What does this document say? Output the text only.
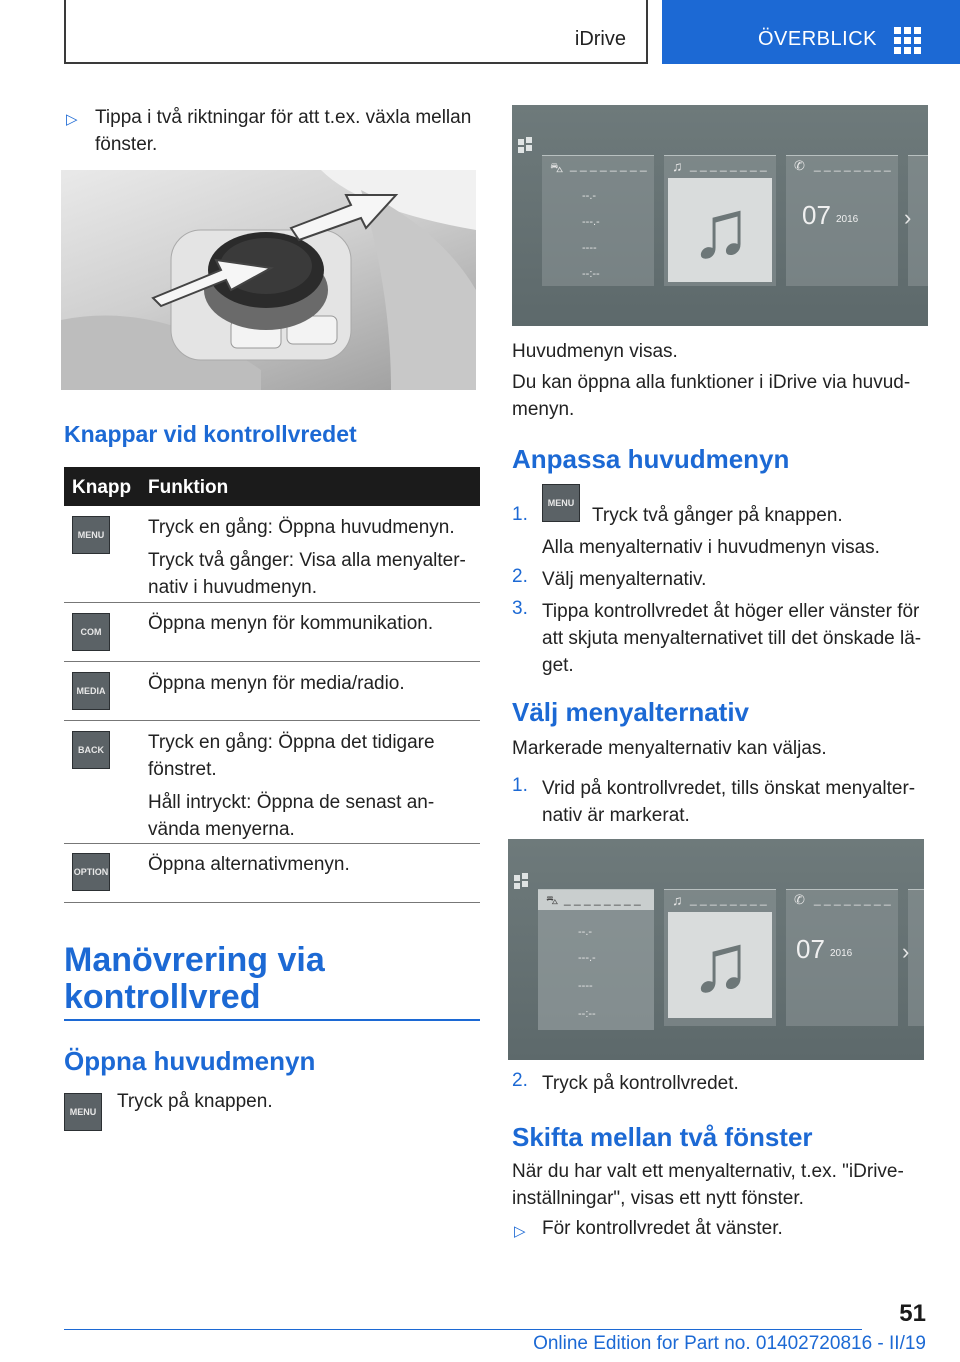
iDrive	ÖVERBLICK
▷ Tippa i två riktningar för att t.ex. växla mellan
fönster.
Knappar vid kontrollvredet
Knapp Funktion
MENU	Tryck en gång: Öppna huvudmenyn.
Tryck två gånger: Visa alla menyalter-
nativ i huvudmenyn.
COM	Öppna menyn för kommunikation.
MEDIA Öppna menyn för media/radio.
BACK	Tryck en gång: Öppna det tidigare
fönstret.
Håll intryckt: Öppna de senast an-
vända menyerna.
OPTION Öppna alternativmenyn.
Manövrering via
kontrollvred
Öppna huvudmenyn
MENU	Tryck på knappen.
⛍ _ _ _ _ _ _ _ _
--.-
---.-
----
--:--
♫ _ _ _ _ _ _ _ _
♫
✆ _ _ _ _ _ _ _ _
07 2016 ›
Huvudmenyn visas.
Du kan öppna alla funktioner i iDrive via huvud-
menyn.
Anpassa huvudmenyn
1.
MENU
Tryck två gånger på knappen.
Alla menyalternativ i huvudmenyn visas.
2. Välj menyalternativ.
3. Tippa kontrollvredet åt höger eller vänster för
att skjuta menyalternativet till det önskade lä-
get.
Välj menyalternativ
Markerade menyalternativ kan väljas.
1. Vrid på kontrollvredet, tills önskat menyalter-
nativ är markerat.
⛍ _ _ _ _ _ _ _ _
--.-
---.-
----
--:--
♫ _ _ _ _ _ _ _ _
♫
✆ _ _ _ _ _ _ _ _
07 2016 ›
2. Tryck på kontrollvredet.
Skifta mellan två fönster
När du har valt ett menyalternativ, t.ex. "iDrive-
inställningar", visas ett nytt fönster.
▷ För kontrollvredet åt vänster.
51
Online Edition for Part no. 01402720816 - II/19
